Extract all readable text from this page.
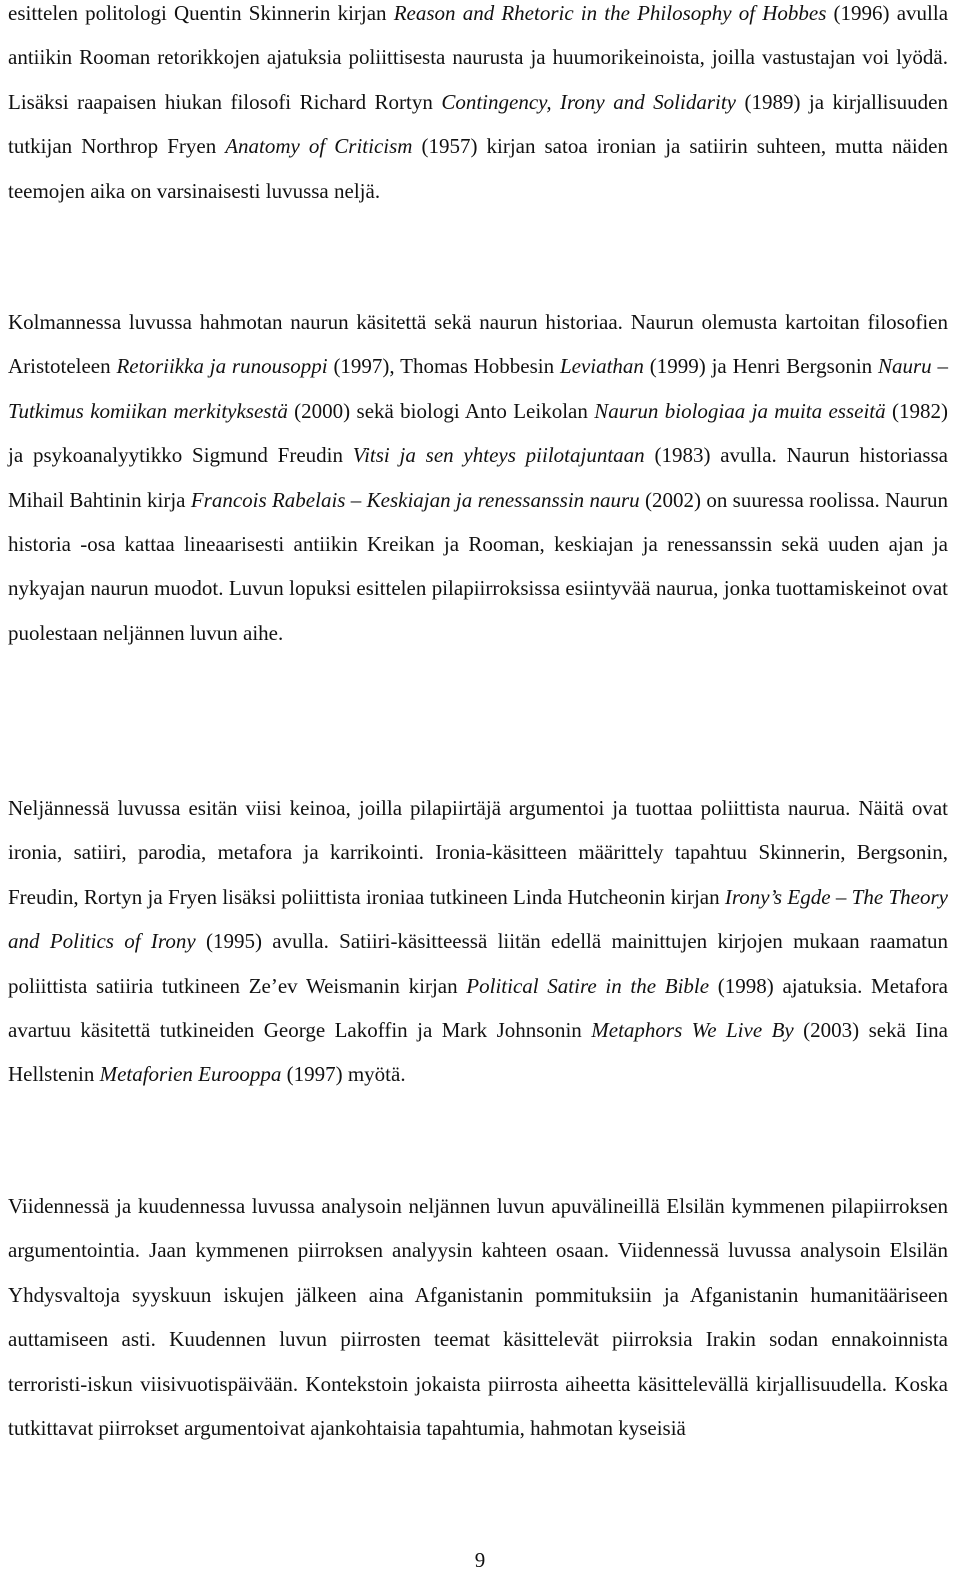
esittelen politologi Quentin Skinnerin kirjan Reason and Rhetoric in the Philosophy of Hobbes (1996) avulla antiikin Rooman retorikkojen ajatuksia poliittisesta naurusta ja huumorikeinoista, joilla vastustajan voi lyödä. Lisäksi raapaisen hiukan filosofi Richard Rortyn Contingency, Irony and Solidarity (1989) ja kirjallisuuden tutkijan Northrop Fryen Anatomy of Criticism (1957) kirjan satoa ironian ja satiirin suhteen, mutta näiden teemojen aika on varsinaisesti luvussa neljä.

Kolmannessa luvussa hahmotan naurun käsitettä sekä naurun historiaa. Naurun olemusta kartoitan filosofien Aristoteleen Retoriikka ja runousoppi (1997), Thomas Hobbesin Leviathan (1999) ja Henri Bergsonin Nauru – Tutkimus komiikan merkityksestä (2000) sekä biologi Anto Leikolan Naurun biologiaa ja muita esseitä (1982) ja psykoanalyytikko Sigmund Freudin Vitsi ja sen yhteys piilotajuntaan (1983) avulla. Naurun historiassa Mihail Bahtinin kirja Francois Rabelais – Keskiajan ja renessanssin nauru (2002) on suuressa roolissa. Naurun historia -osa kattaa lineaarisesti antiikin Kreikan ja Rooman, keskiajan ja renessanssin sekä uuden ajan ja nykyajan naurun muodot. Luvun lopuksi esittelen pilapiirroksissa esiintyvää naurua, jonka tuottamiskeinot ovat puolestaan neljännen luvun aihe.

Neljännessä luvussa esitän viisi keinoa, joilla pilapiirtäjä argumentoi ja tuottaa poliittista naurua. Näitä ovat ironia, satiiri, parodia, metafora ja karrikointi. Ironia-käsitteen määrittely tapahtuu Skinnerin, Bergsonin, Freudin, Rortyn ja Fryen lisäksi poliittista ironiaa tutkineen Linda Hutcheonin kirjan Irony’s Egde – The Theory and Politics of Irony (1995) avulla. Satiiri-käsitteessä liitän edellä mainittujen kirjojen mukaan raamatun poliittista satiiria tutkineen Ze’ev Weismanin kirjan Political Satire in the Bible (1998) ajatuksia. Metafora avartuu käsitettä tutkineiden George Lakoffin ja Mark Johnsonin Metaphors We Live By (2003) sekä Iina Hellstenin Metaforien Eurooppa (1997) myötä.

Viidennessä ja kuudennessa luvussa analysoin neljännen luvun apuvälineillä Elsilän kymmenen pilapiirroksen argumentointia. Jaan kymmenen piirroksen analyysin kahteen osaan. Viidennessä luvussa analysoin Elsilän Yhdysvaltoja syyskuun iskujen jälkeen aina Afganistanin pommituksiin ja Afganistanin humanitääriseen auttamiseen asti. Kuudennen luvun piirrosten teemat käsittelevät piirroksia Irakin sodan ennakoinnista terroristi-iskun viisivuotispäivään. Kontekstoin jokaista piirrosta aiheetta käsittelevällä kirjallisuudella. Koska tutkittavat piirrokset argumentoivat ajankohtaisia tapahtumia, hahmotan kyseisiä

9
